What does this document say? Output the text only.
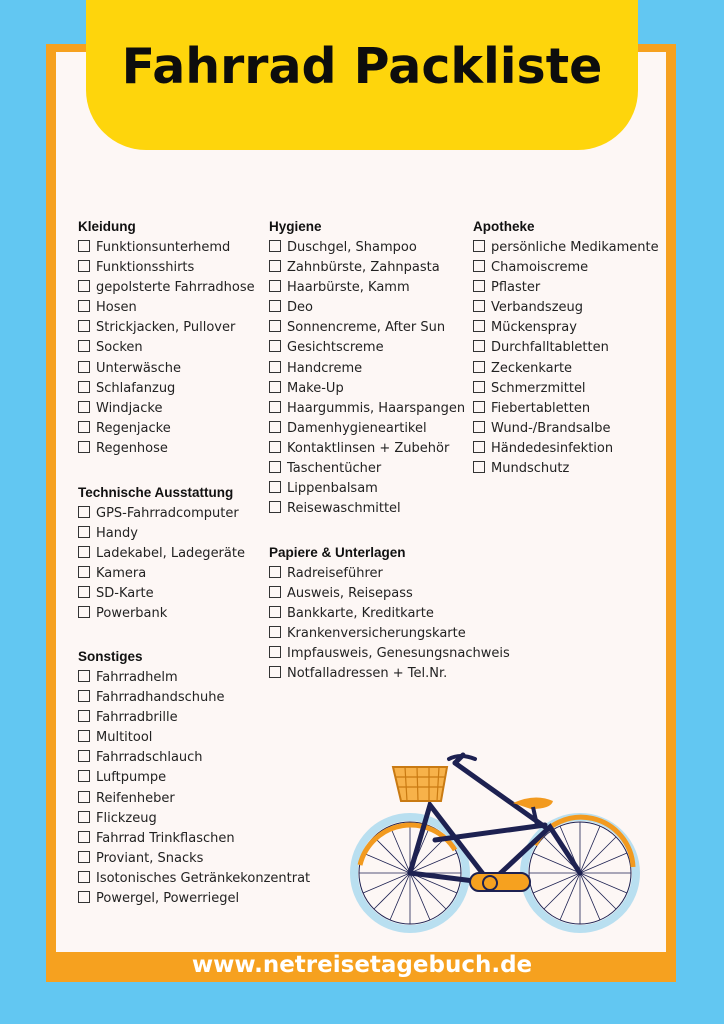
Fahrrad Packliste
Kleidung
Funktionsunterhemd
Funktionsshirts
gepolsterte Fahrradhose
Hosen
Strickjacken, Pullover
Socken
Unterwäsche
Schlafanzug
Windjacke
Regenjacke
Regenhose
Technische Ausstattung
GPS-Fahrradcomputer
Handy
Ladekabel, Ladegeräte
Kamera
SD-Karte
Powerbank
Sonstiges
Fahrradhelm
Fahrradhandschuhe
Fahrradbrille
Multitool
Fahrradschlauch
Luftpumpe
Reifenheber
Flickzeug
Fahrrad Trinkflaschen
Proviant, Snacks
Isotonisches Getränkekonzentrat
Powergel, Powerriegel
Hygiene
Duschgel, Shampoo
Zahnbürste, Zahnpasta
Haarbürste, Kamm
Deo
Sonnencreme, After Sun
Gesichtscreme
Handcreme
Make-Up
Haargummis, Haarspangen
Damenhygieneartikel
Kontaktlinsen + Zubehör
Taschentücher
Lippenbalsam
Reisewaschmittel
Papiere & Unterlagen
Radreiseführer
Ausweis, Reisepass
Bankkarte, Kreditkarte
Krankenversicherungskarte
Impfausweis, Genesungsnachweis
Notfalladressen + Tel.Nr.
Apotheke
persönliche Medikamente
Chamoiscreme
Pflaster
Verbandszeug
Mückenspray
Durchfalltabletten
Zeckenkarte
Schmerzmittel
Fiebertabletten
Wund-/Brandsalbe
Händedesinfektion
Mundschutz
www.netreisetagebuch.de
